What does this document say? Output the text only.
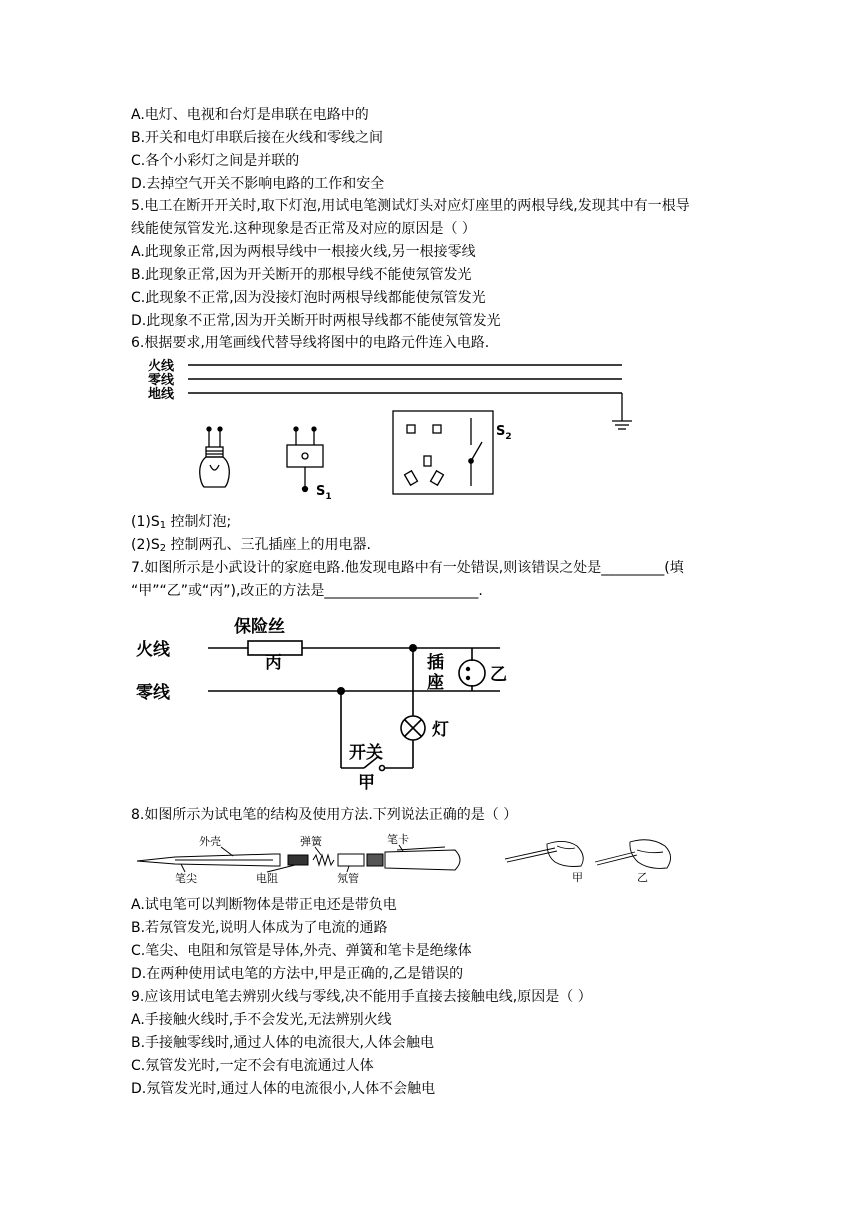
A.电灯、电视和台灯是串联在电路中的
B.开关和电灯串联后接在火线和零线之间
C.各个小彩灯之间是并联的
D.去掉空气开关不影响电路的工作和安全
5.电工在断开开关时,取下灯泡,用试电笔测试灯头对应灯座里的两根导线,发现其中有一根导
线能使氖管发光.这种现象是否正常及对应的原因是（ ）
A.此现象正常,因为两根导线中一根接火线,另一根接零线
B.此现象正常,因为开关断开的那根导线不能使氖管发光
C.此现象不正常,因为没接灯泡时两根导线都能使氖管发光
D.此现象不正常,因为开关断开时两根导线都不能使氖管发光
6.根据要求,用笔画线代替导线将图中的电路元件连入电路.
火线
零线
地线
$S_1$
$S_2$
$(1)S_1$ 控制灯泡;
$(2)S_2$ 控制两孔、三孔插座上的用电器.
7.如图所示是小武设计的家庭电路.他发现电路中有一处错误,则该错误之处是_________(填
“甲”“乙”或“丙”),改正的方法是______________________.
火线
零线
保险丝
丙	插
座	乙
灯
开关
甲
8.如图所示为试电笔的结构及使用方法.下列说法正确的是（ ）
外壳	弹簧	笔卡
笔尖	电阻	氖管	甲	乙
A.试电笔可以判断物体是带正电还是带负电
B.若氖管发光,说明人体成为了电流的通路
C.笔尖、电阻和氖管是导体,外壳、弹簧和笔卡是绝缘体
D.在两种使用试电笔的方法中,甲是正确的,乙是错误的
9.应该用试电笔去辨别火线与零线,决不能用手直接去接触电线,原因是（ ）
A.手接触火线时,手不会发光,无法辨别火线
B.手接触零线时,通过人体的电流很大,人体会触电
C.氖管发光时,一定不会有电流通过人体
D.氖管发光时,通过人体的电流很小,人体不会触电
